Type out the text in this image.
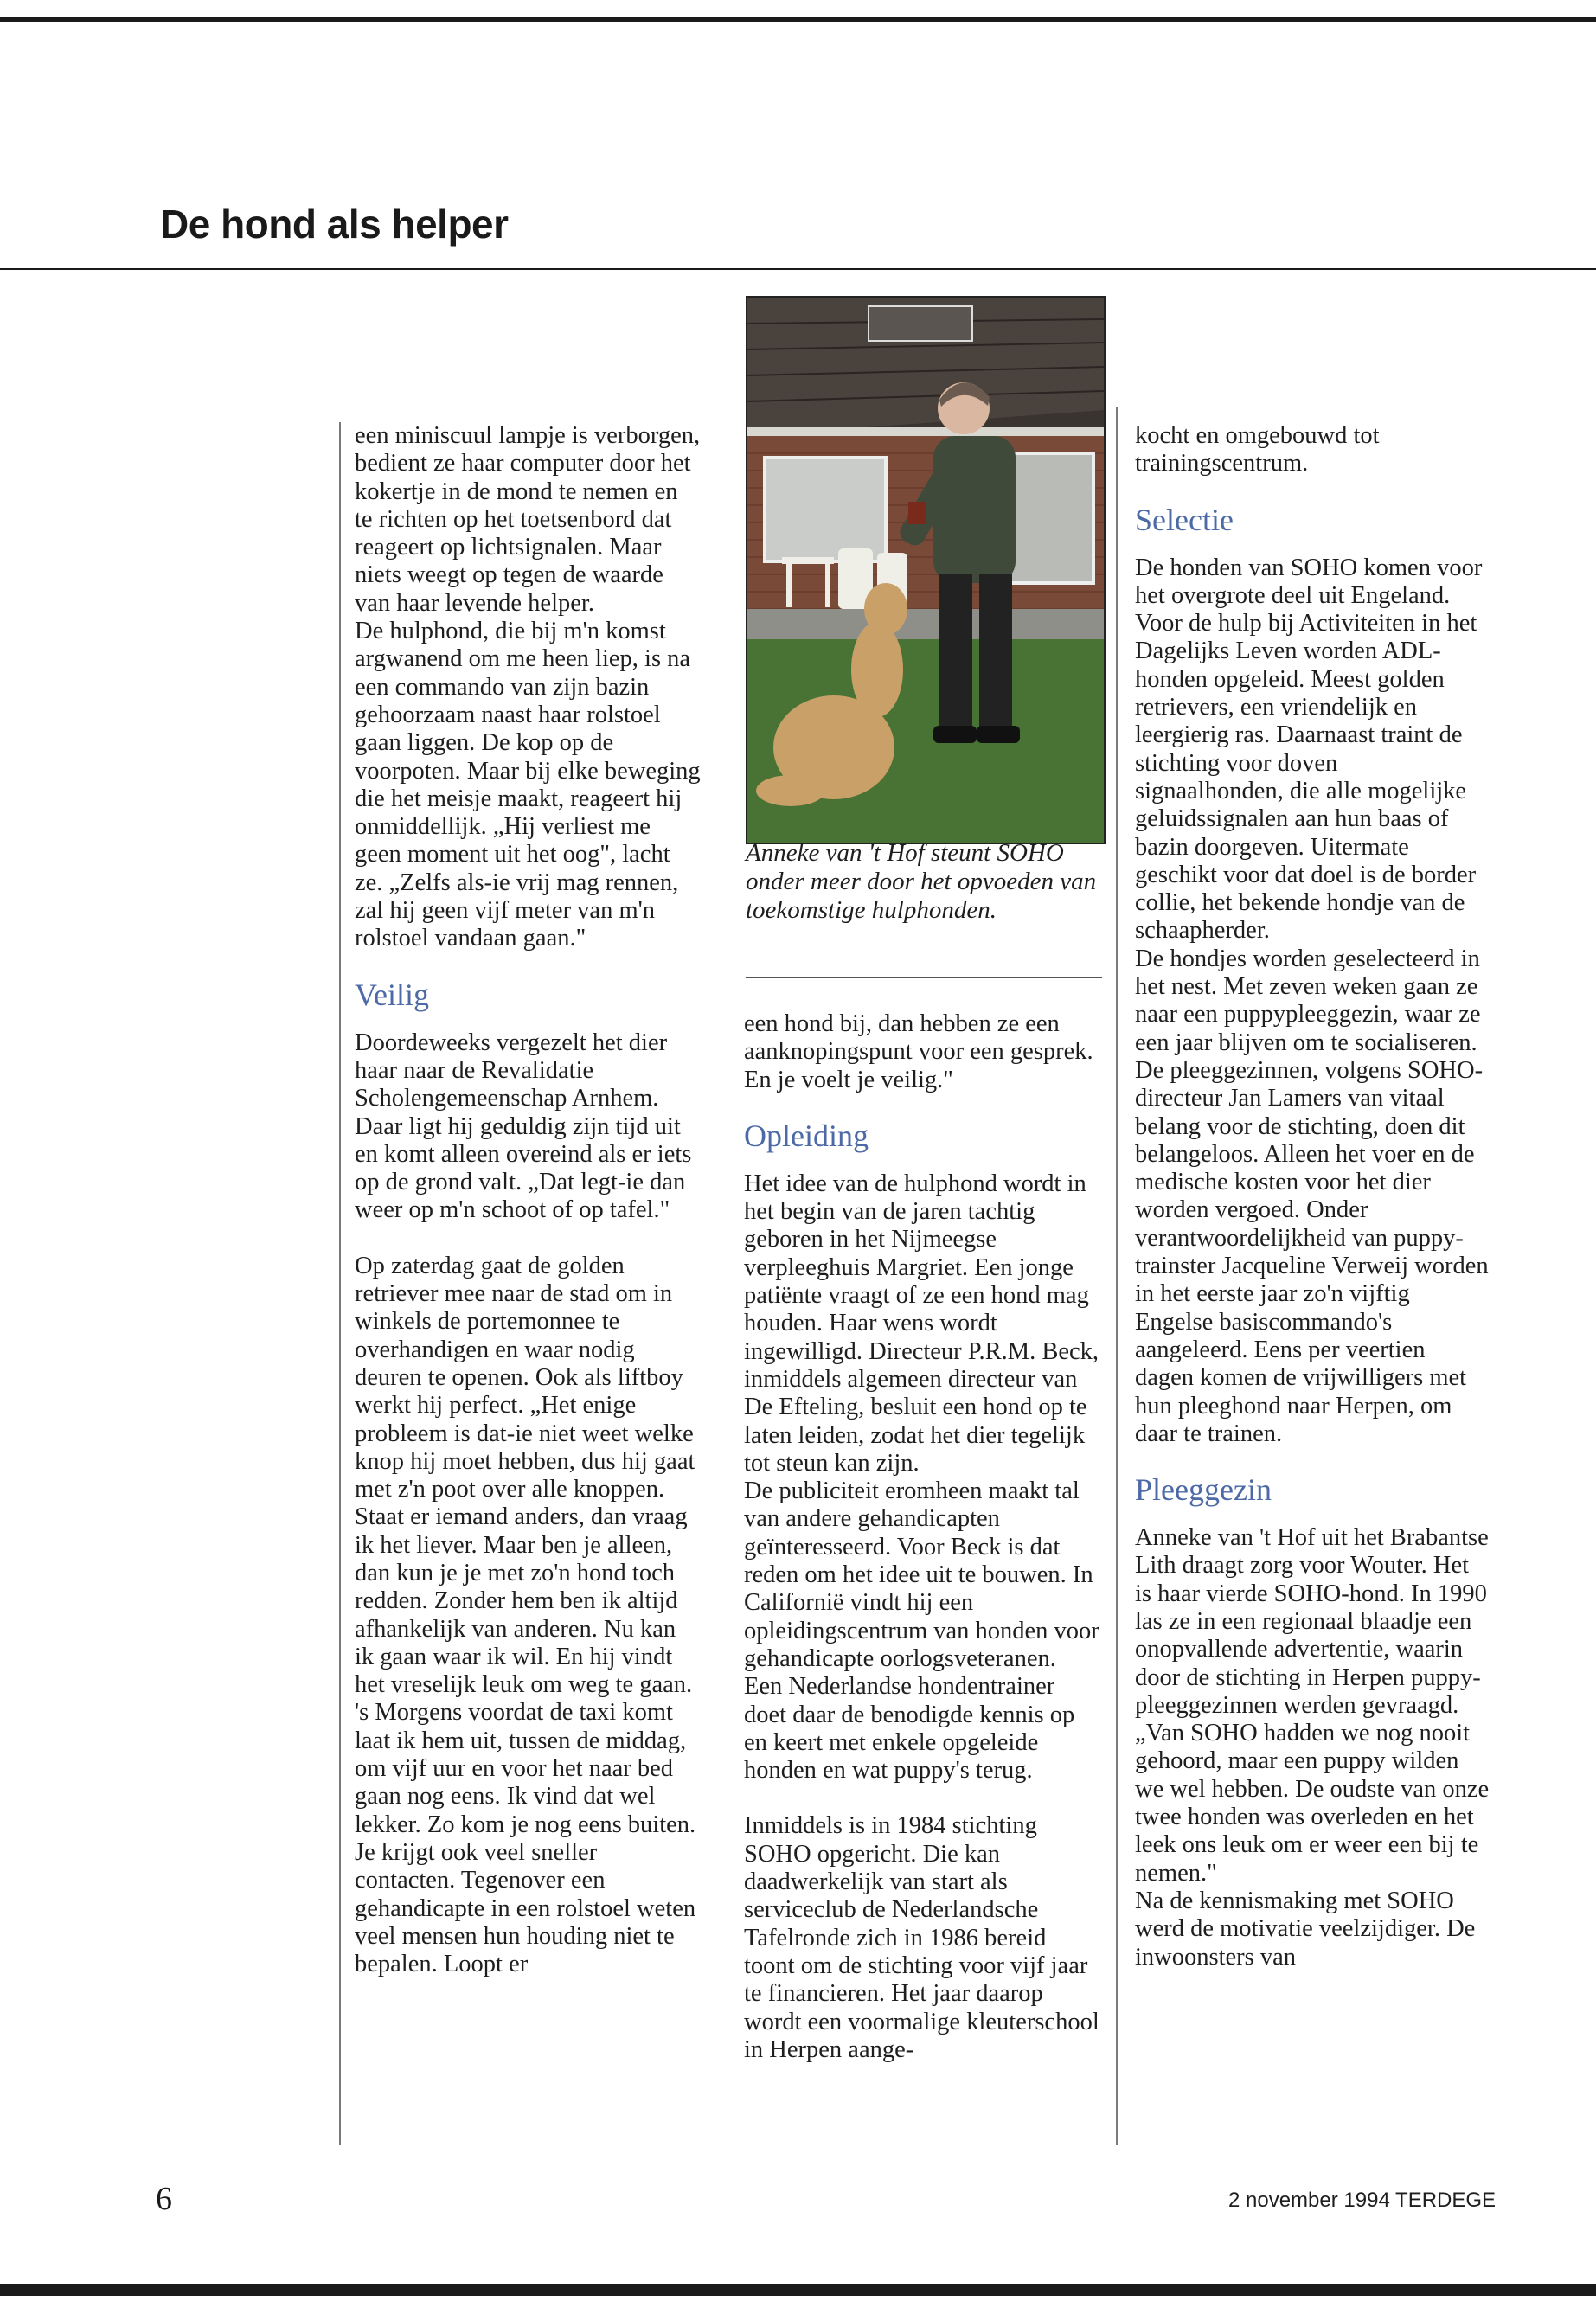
De hond als helper

een miniscuul lampje is verborgen, bedient ze haar computer door het kokertje in de mond te nemen en te richten op het toetsenbord dat reageert op lichtsignalen. Maar niets weegt op tegen de waarde van haar levende helper.

De hulphond, die bij m'n komst argwanend om me heen liep, is na een commando van zijn bazin gehoorzaam naast haar rolstoel gaan liggen. De kop op de voorpoten. Maar bij elke beweging die het meisje maakt, reageert hij onmiddellijk. „Hij verliest me geen moment uit het oog", lacht ze. „Zelfs als-ie vrij mag rennen, zal hij geen vijf meter van m'n rolstoel vandaan gaan."

Veilig

Doordeweeks vergezelt het dier haar naar de Revalidatie Scholengemeenschap Arnhem. Daar ligt hij geduldig zijn tijd uit en komt alleen overeind als er iets op de grond valt. „Dat legt-ie dan weer op m'n schoot of op tafel."

Op zaterdag gaat de golden retriever mee naar de stad om in winkels de portemonnee te overhandigen en waar nodig deuren te openen. Ook als liftboy werkt hij perfect. „Het enige probleem is dat-ie niet weet welke knop hij moet hebben, dus hij gaat met z'n poot over alle knoppen. Staat er iemand anders, dan vraag ik het liever. Maar ben je alleen, dan kun je je met zo'n hond toch redden. Zonder hem ben ik altijd afhankelijk van anderen. Nu kan ik gaan waar ik wil. En hij vindt het vreselijk leuk om weg te gaan.

's Morgens voordat de taxi komt laat ik hem uit, tussen de middag, om vijf uur en voor het naar bed gaan nog eens. Ik vind dat wel lekker. Zo kom je nog eens buiten. Je krijgt ook veel sneller contacten. Tegenover een gehandicapte in een rolstoel weten veel mensen hun houding niet te bepalen. Loopt er

Anneke van 't Hof steunt SOHO onder meer door het opvoeden van toekomstige hulphonden.

een hond bij, dan hebben ze een aanknopingspunt voor een gesprek. En je voelt je veilig."

Opleiding

Het idee van de hulphond wordt in het begin van de jaren tachtig geboren in het Nijmeegse verpleeghuis Margriet. Een jonge patiënte vraagt of ze een hond mag houden. Haar wens wordt ingewilligd. Directeur P.R.M. Beck, inmiddels algemeen directeur van De Efteling, besluit een hond op te laten leiden, zodat het dier tegelijk tot steun kan zijn.

De publiciteit eromheen maakt tal van andere gehandicapten geïnteresseerd. Voor Beck is dat reden om het idee uit te bouwen. In Californië vindt hij een opleidingscentrum van honden voor gehandicapte oorlogsveteranen. Een Nederlandse hondentrainer doet daar de benodigde kennis op en keert met enkele opgeleide honden en wat puppy's terug.

Inmiddels is in 1984 stichting SOHO opgericht. Die kan daadwerkelijk van start als serviceclub de Nederlandsche Tafelronde zich in 1986 bereid toont om de stichting voor vijf jaar te financieren. Het jaar daarop wordt een voormalige kleuterschool in Herpen aange-

kocht en omgebouwd tot trainingscentrum.

Selectie

De honden van SOHO komen voor het overgrote deel uit Engeland. Voor de hulp bij Activiteiten in het Dagelijks Leven worden ADL-honden opgeleid. Meest golden retrievers, een vriendelijk en leergierig ras. Daarnaast traint de stichting voor doven signaalhonden, die alle mogelijke geluidssignalen aan hun baas of bazin doorgeven. Uitermate geschikt voor dat doel is de border collie, het bekende hondje van de schaapherder.

De hondjes worden geselecteerd in het nest. Met zeven weken gaan ze naar een puppypleeggezin, waar ze een jaar blijven om te socialiseren. De pleeggezinnen, volgens SOHO-directeur Jan Lamers van vitaal belang voor de stichting, doen dit belangeloos. Alleen het voer en de medische kosten voor het dier worden vergoed. Onder verantwoordelijkheid van puppy-trainster Jacqueline Verweij worden in het eerste jaar zo'n vijftig Engelse basiscommando's aangeleerd. Eens per veertien dagen komen de vrijwilligers met hun pleeghond naar Herpen, om daar te trainen.

Pleeggezin

Anneke van 't Hof uit het Brabantse Lith draagt zorg voor Wouter. Het is haar vierde SOHO-hond. In 1990 las ze in een regionaal blaadje een onopvallende advertentie, waarin door de stichting in Herpen puppy-pleeggezinnen werden gevraagd. „Van SOHO hadden we nog nooit gehoord, maar een puppy wilden we wel hebben. De oudste van onze twee honden was overleden en het leek ons leuk om er weer een bij te nemen."

Na de kennismaking met SOHO werd de motivatie veelzijdiger. De inwoonsters van

6	2 november 1994 TERDEGE
